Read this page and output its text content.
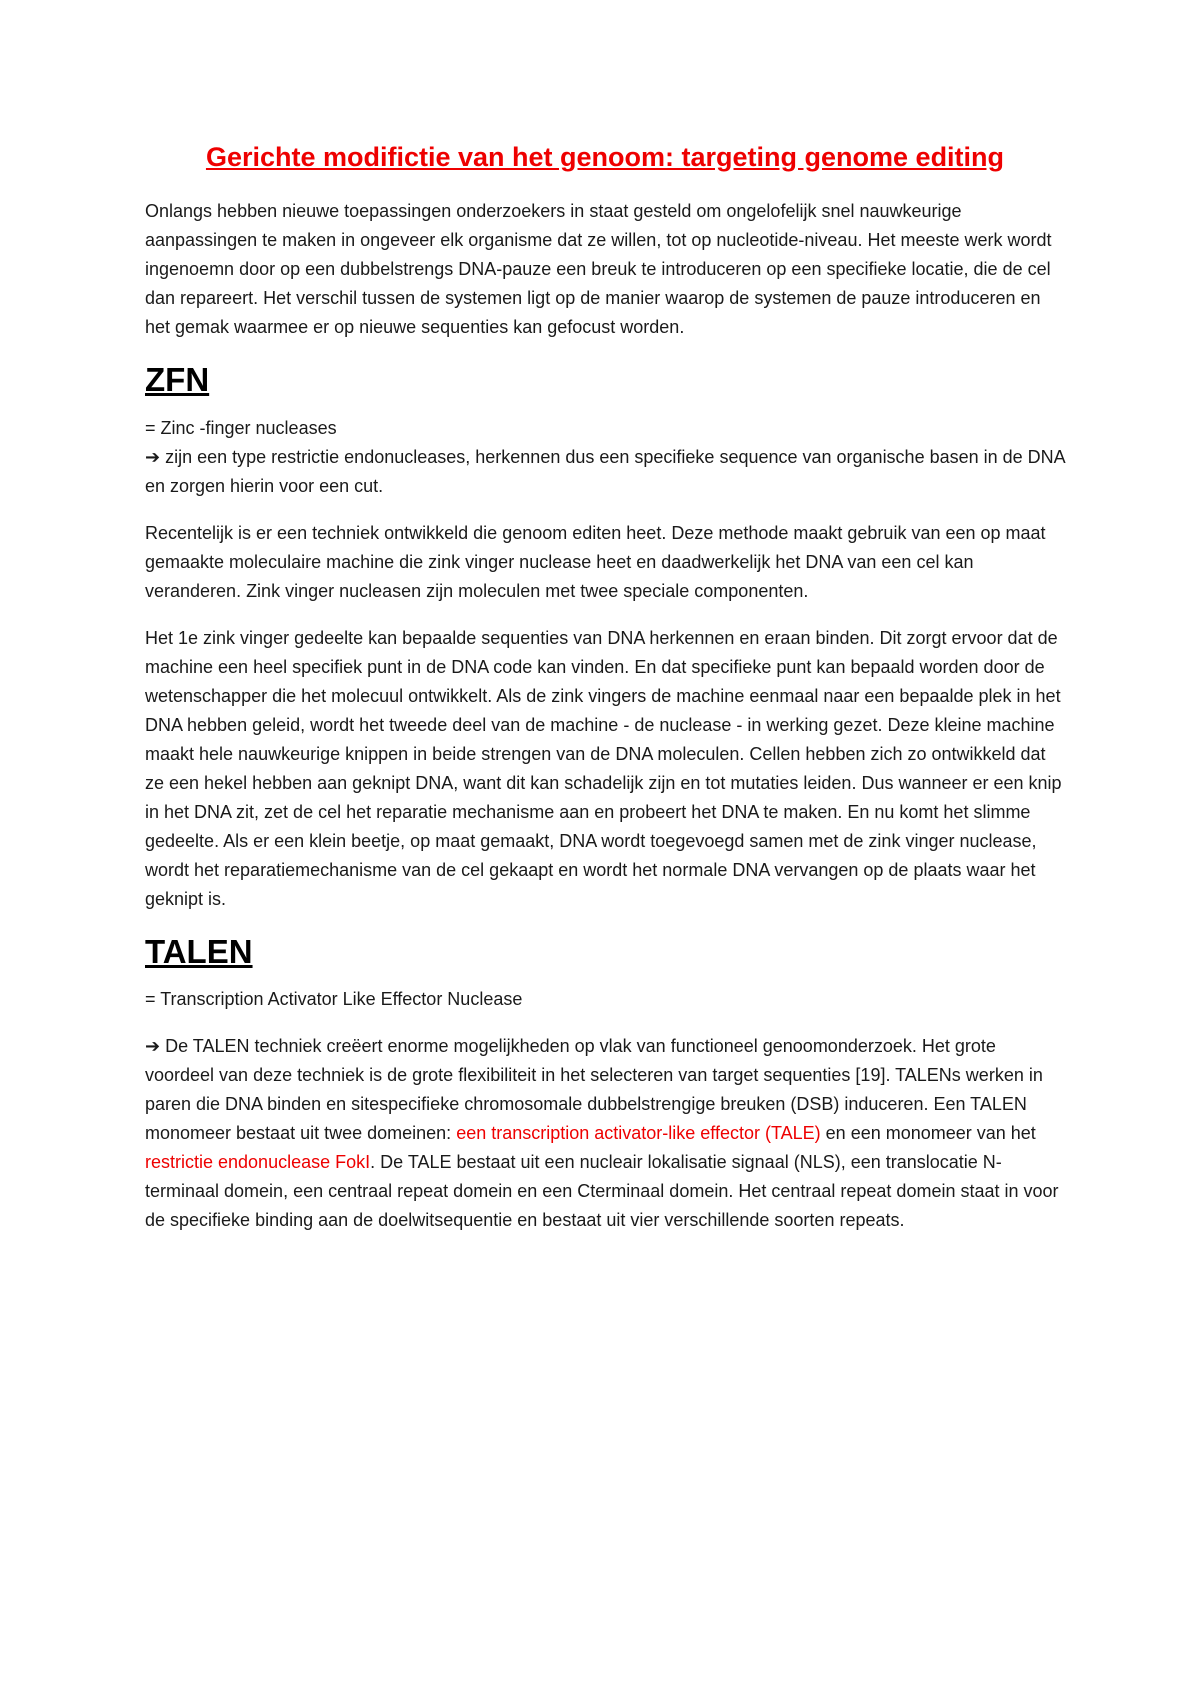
Gerichte modifictie van het genoom: targeting genome editing

Onlangs hebben nieuwe toepassingen onderzoekers in staat gesteld om ongelofelijk snel nauwkeurige aanpassingen te maken in ongeveer elk organisme dat ze willen, tot op nucleotide-niveau. Het meeste werk wordt ingenoemn door op een dubbelstrengs DNA-pauze een breuk te introduceren op een specifieke locatie, die de cel dan repareert. Het verschil tussen de systemen ligt op de manier waarop de systemen de pauze introduceren en het gemak waarmee er op nieuwe sequenties kan gefocust worden.

ZFN

= Zinc -finger nucleases

➔ zijn een type restrictie endonucleases, herkennen dus een specifieke sequence van organische basen in de DNA en zorgen hierin voor een cut.

Recentelijk is er een techniek ontwikkeld die genoom editen heet. Deze methode maakt gebruik van een op maat gemaakte moleculaire machine die zink vinger nuclease heet en daadwerkelijk het DNA van een cel kan veranderen. Zink vinger nucleasen zijn moleculen met twee speciale componenten.

Het 1e zink vinger gedeelte kan bepaalde sequenties van DNA herkennen en eraan binden. Dit zorgt ervoor dat de machine een heel specifiek punt in de DNA code kan vinden. En dat specifieke punt kan bepaald worden door de wetenschapper die het molecuul ontwikkelt. Als de zink vingers de machine eenmaal naar een bepaalde plek in het DNA hebben geleid, wordt het tweede deel van de machine - de nuclease - in werking gezet. Deze kleine machine maakt hele nauwkeurige knippen in beide strengen van de DNA moleculen. Cellen hebben zich zo ontwikkeld dat ze een hekel hebben aan geknipt DNA, want dit kan schadelijk zijn en tot mutaties leiden. Dus wanneer er een knip in het DNA zit, zet de cel het reparatie mechanisme aan en probeert het DNA te maken. En nu komt het slimme gedeelte. Als er een klein beetje, op maat gemaakt, DNA wordt toegevoegd samen met de zink vinger nuclease, wordt het reparatiemechanisme van de cel gekaapt en wordt het normale DNA vervangen op de plaats waar het geknipt is.

TALEN

= Transcription Activator Like Effector Nuclease

➔ De TALEN techniek creëert enorme mogelijkheden op vlak van functioneel genoomonderzoek. Het grote voordeel van deze techniek is de grote flexibiliteit in het selecteren van target sequenties [19]. TALENs werken in paren die DNA binden en sitespecifieke chromosomale dubbelstrengige breuken (DSB) induceren. Een TALEN monomeer bestaat uit twee domeinen: een transcription activator-like effector (TALE) en een monomeer van het restrictie endonuclease FokI. De TALE bestaat uit een nucleair lokalisatie signaal (NLS), een translocatie N-terminaal domein, een centraal repeat domein en een Cterminaal domein. Het centraal repeat domein staat in voor de specifieke binding aan de doelwitsequentie en bestaat uit vier verschillende soorten repeats.
